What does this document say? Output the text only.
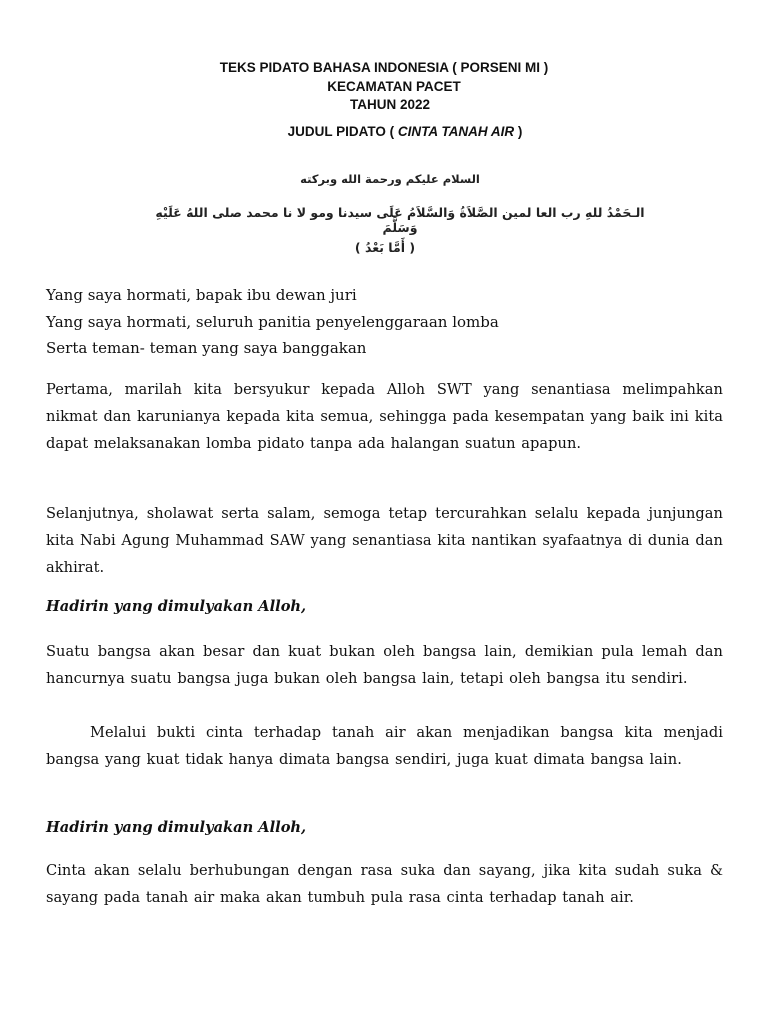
TEKS PIDATO BAHASA INDONESIA ( PORSENI MI )

KECAMATAN PACET

TAHUN 2022

JUDUL PIDATO ( CINTA TANAH AIR )

السلام عليكم ورحمة الله وبركته

الـحَمْدُ للهِ رب العا لمين الصَّلاَةُ وَالسَّلاَمُ عَلَى سيدنا ومو لا نا محمد صلى اللهُ عَلَيْهِ وَسَلَّمَ

( أَمَّا بَعْدُ )

Yang saya hormati, bapak ibu dewan juri
Yang saya hormati, seluruh panitia penyelenggaraan lomba
Serta teman- teman yang saya banggakan

Pertama, marilah kita bersyukur kepada Alloh SWT yang senantiasa melimpahkan nikmat dan karunianya kepada kita semua, sehingga pada kesempatan yang baik ini kita dapat melaksanakan lomba pidato tanpa ada halangan suatun apapun.

Selanjutnya, sholawat serta salam, semoga tetap tercurahkan selalu kepada junjungan kita Nabi Agung Muhammad SAW yang senantiasa kita nantikan syafaatnya di dunia dan akhirat.

Hadirin yang dimulyakan Alloh,

Suatu bangsa akan besar dan kuat bukan oleh bangsa lain, demikian pula lemah dan hancurnya suatu bangsa juga bukan oleh bangsa lain, tetapi oleh bangsa itu sendiri.

Melalui bukti cinta terhadap tanah air akan menjadikan bangsa kita menjadi bangsa yang kuat tidak hanya dimata bangsa sendiri, juga kuat dimata bangsa lain.

Hadirin yang dimulyakan Alloh,

Cinta akan selalu berhubungan dengan rasa suka dan sayang, jika kita sudah suka & sayang pada tanah air maka akan tumbuh pula rasa cinta terhadap tanah air.
